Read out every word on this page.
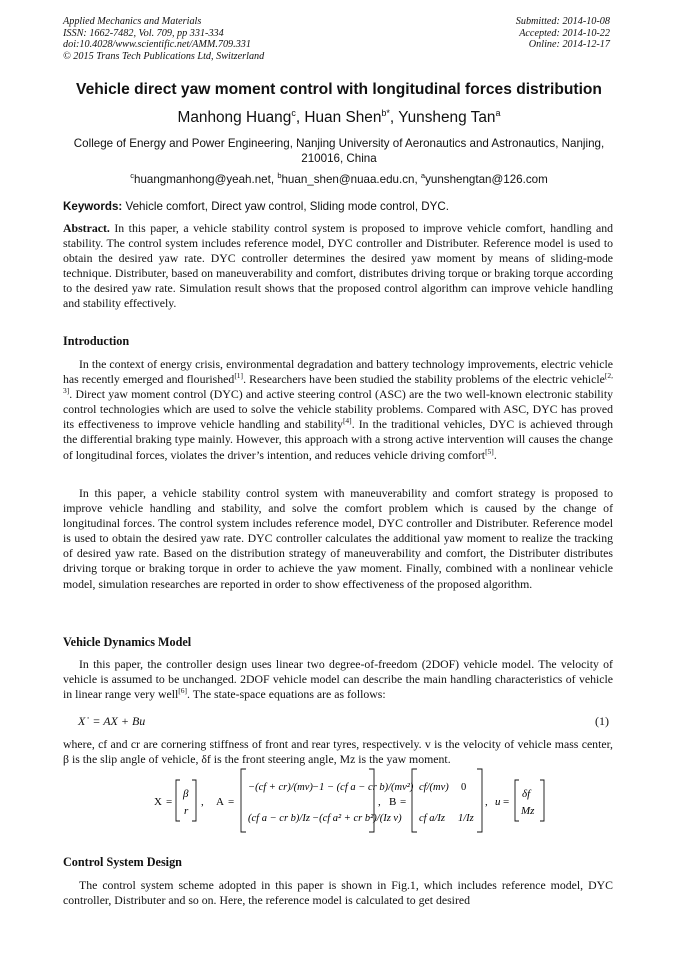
Applied Mechanics and Materials
ISSN: 1662-7482, Vol. 709, pp 331-334
doi:10.4028/www.scientific.net/AMM.709.331
© 2015 Trans Tech Publications Ltd, Switzerland
Submitted: 2014-10-08
Accepted: 2014-10-22
Online: 2014-12-17
Vehicle direct yaw moment control with longitudinal forces distribution
Manhong Huang$^c$, Huan Shen$^{b*}$, Yunsheng Tan$^a$
College of Energy and Power Engineering, Nanjing University of Aeronautics and Astronautics, Nanjing, 210016, China
$^c$huangmanhong@yeah.net, $^b$huan_shen@nuaa.edu.cn, $^a$yunshengtan@126.com
Keywords: Vehicle comfort, Direct yaw control, Sliding mode control, DYC.
Abstract. In this paper, a vehicle stability control system is proposed to improve vehicle comfort, handling and stability. The control system includes reference model, DYC controller and Distributer. Reference model is used to obtain the desired yaw rate. DYC controller determines the desired yaw moment by means of sliding-mode technique. Distributer, based on maneuverability and comfort, distributes driving torque or braking torque according to the desired yaw rate. Simulation result shows that the proposed control algorithm can improve vehicle handling and stability effectively.
Introduction
In the context of energy crisis, environmental degradation and battery technology improvements, electric vehicle has recently emerged and flourished[1]. Researchers have been studied the stability problems of the electric vehicle[2, 3]. Direct yaw moment control (DYC) and active steering control (ASC) are the two well-known electronic stability control technologies which are used to solve the vehicle stability problems. Compared with ASC, DYC has proved its effectiveness to improve vehicle handling and stability[4]. In the traditional vehicles, DYC is achieved through the differential braking type mainly. However, this approach with a strong active intervention will causes the change of longitudinal forces, violates the driver’s intention, and reduces vehicle driving comfort[5].
In this paper, a vehicle stability control system with maneuverability and comfort strategy is proposed to improve vehicle handling and stability, and solve the comfort problem which is caused by the change of longitudinal forces. The control system includes reference model, DYC controller and Distributer. Reference model is used to obtain the desired yaw rate. DYC controller calculates the additional yaw moment to realize the tracking of desired yaw rate. Based on the distribution strategy of maneuverability and comfort, the Distributer distributes driving torque or braking torque in order to achieve the yaw moment. Finally, combined with a nonlinear vehicle model, simulation researches are reported in order to show effectiveness of the proposed algorithm.
Vehicle Dynamics Model
In this paper, the controller design uses linear two degree-of-freedom (2DOF) vehicle model. The velocity of vehicle is assumed to be unchanged. 2DOF vehicle model can describe the main handling characteristics of vehicle in linear range very well[6]. The state-space equations are as follows:
X˙ = AX + Bu	(1)
where, cf and cr are cornering stiffness of front and rear tyres, respectively. v is the velocity of vehicle mass center, β is the slip angle of vehicle, δf is the front steering angle, Mz is the yaw moment.
X =
β
r
, A =
−(cf + cr)/(mv) −1 − (cf a − cr b)/(mv²)
(cf a − cr b)/Iz −(cf a² + cr b²)/(Iz v)
, B =
cf/(mv) 0
cf a/Iz 1/Iz
, u =
δf
Mz
Control System Design
The control system scheme adopted in this paper is shown in Fig.1, which includes reference model, DYC controller, Distributer and so on. Here, the reference model is calculated to get desired
